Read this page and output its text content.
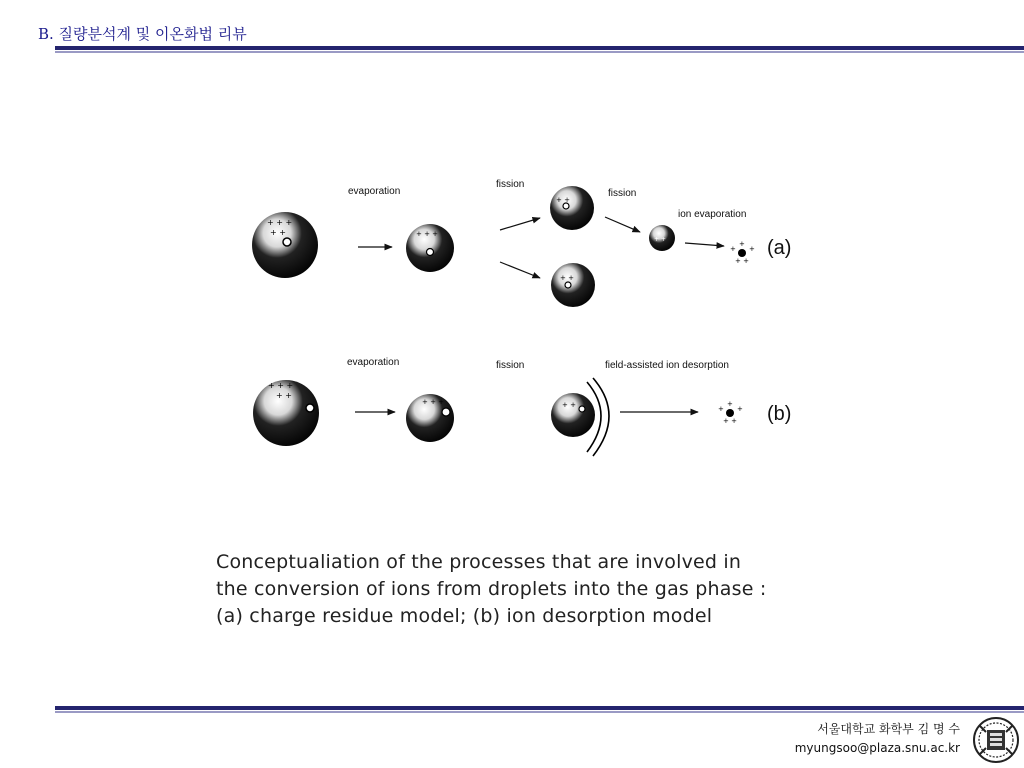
B. 질량분석계 및 이온화법 리뷰
+ + +
+ +
evaporation
+ + +
fission
+ +
+ +
fission
+ +
ion evaporation
+ +
+ +
+ (a)
+ + +
+ +
evaporation
+ + +
fission
+ +
field-assisted ion desorption
+ +
+ +
+ (b)
Conceptualiation of the processes that are involved in
the conversion of ions from droplets into the gas phase :
(a) charge residue model; (b) ion desorption model
서울대학교 화학부 김 명 수
myungsoo@plaza.snu.ac.kr
